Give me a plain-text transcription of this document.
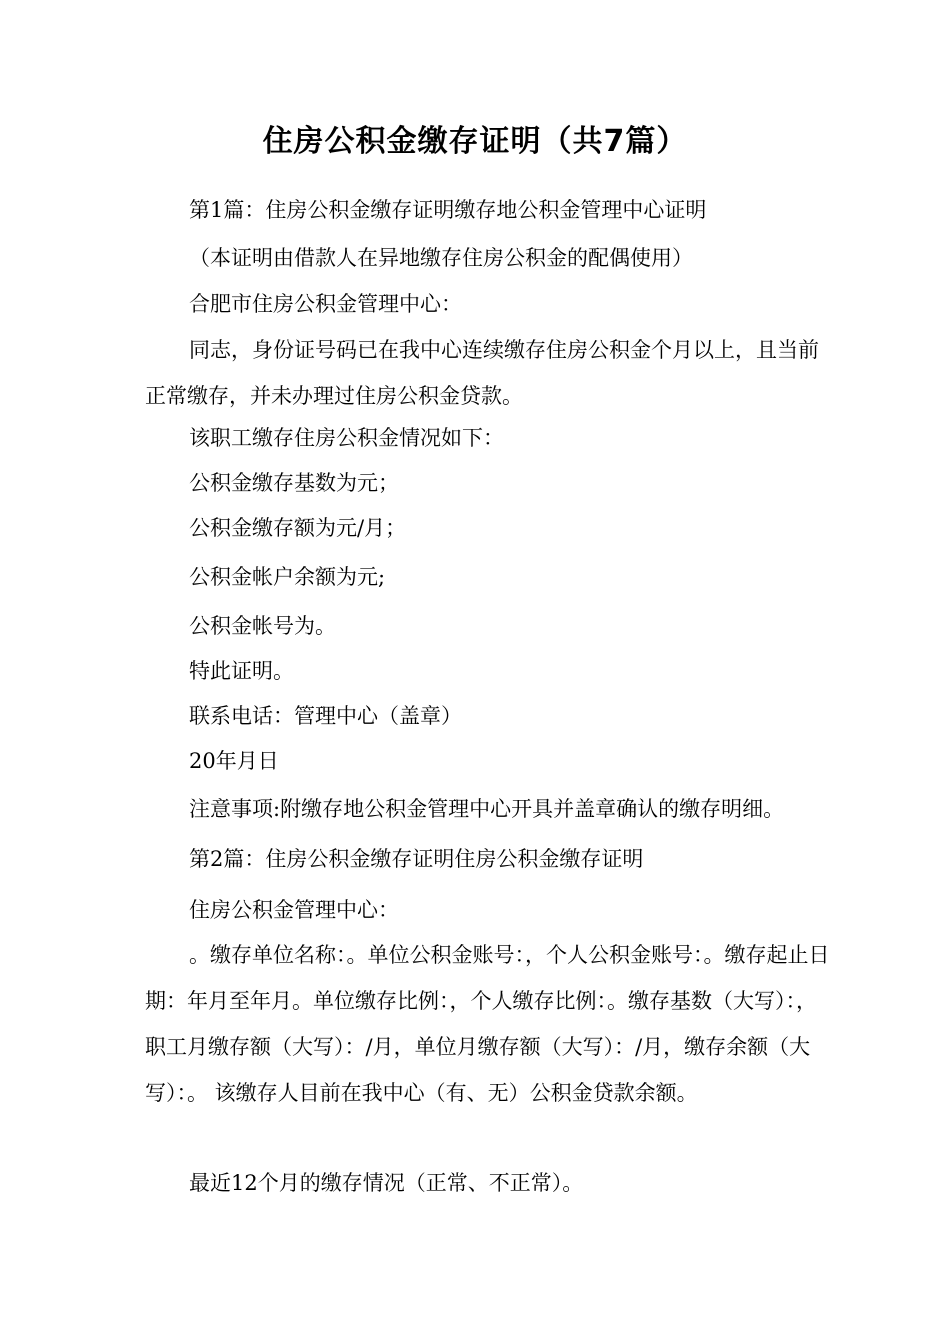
住房公积金缴存证明（共7篇）
第1篇：住房公积金缴存证明缴存地公积金管理中心证明
（本证明由借款人在异地缴存住房公积金的配偶使用）
合肥市住房公积金管理中心：
同志，身份证号码已在我中心连续缴存住房公积金个月以上，且当前正常缴存，并未办理过住房公积金贷款。
该职工缴存住房公积金情况如下：
公积金缴存基数为元；
公积金缴存额为元/月；
公积金帐户余额为元;
公积金帐号为。
特此证明。
联系电话：管理中心（盖章）
20年月日
注意事项:附缴存地公积金管理中心开具并盖章确认的缴存明细。
第2篇：住房公积金缴存证明住房公积金缴存证明
住房公积金管理中心：
。缴存单位名称：。单位公积金账号：，个人公积金账号：。缴存起止日期：年月至年月。单位缴存比例：，个人缴存比例：。缴存基数（大写）：，职工月缴存额（大写）：/月，单位月缴存额（大写）：/月，缴存余额（大写）：。 该缴存人目前在我中心（有、无）公积金贷款余额。
最近12个月的缴存情况（正常、不正常）。
